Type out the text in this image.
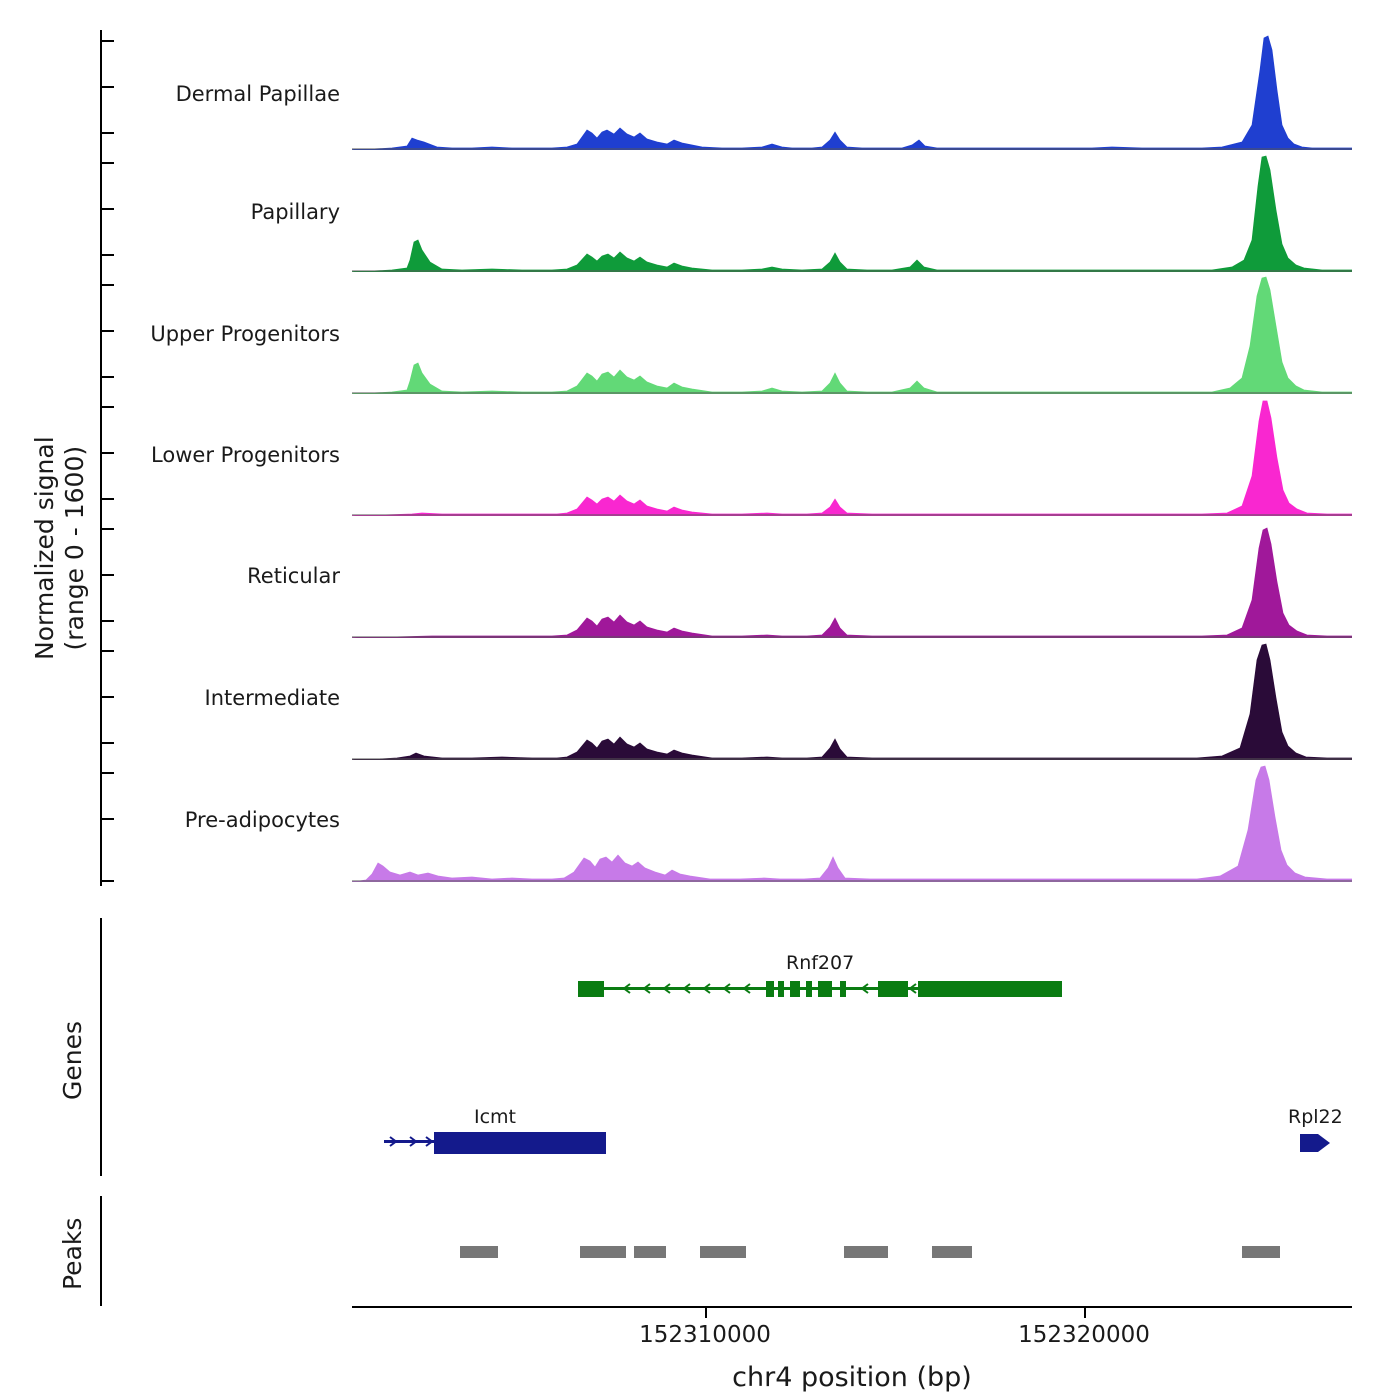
Normalized signal (range 0 - 1600)
Dermal Papillae
Papillary
Upper Progenitors
Lower Progenitors
Reticular
Intermediate
Pre-adipocytes
Genes
Rnf207
Icmt	Rpl22
Peaks
152310000	152320000
chr4 position (bp)
